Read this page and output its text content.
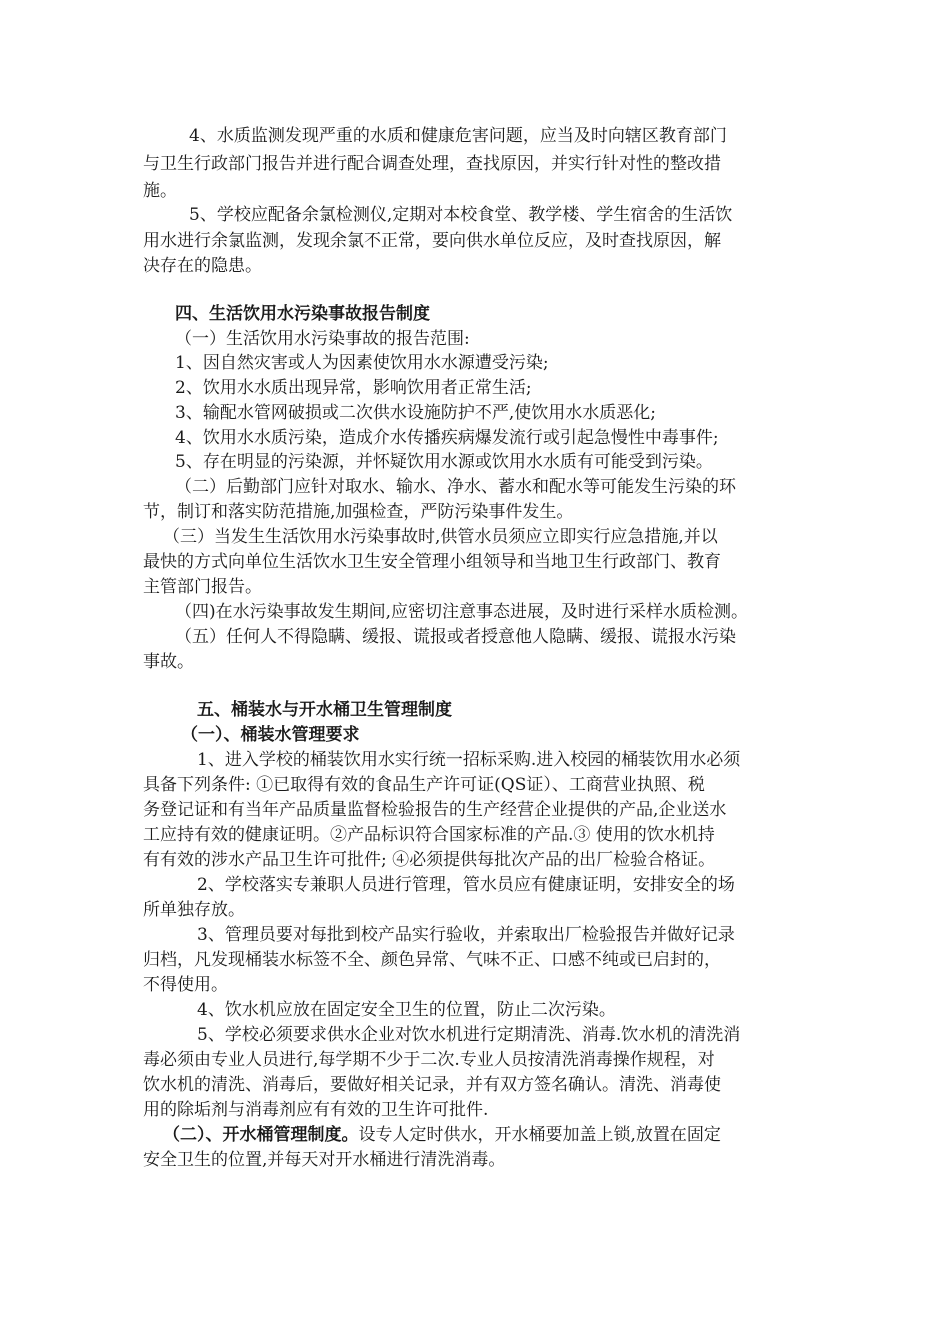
4、水质监测发现严重的水质和健康危害问题，应当及时向辖区教育部门
与卫生行政部门报告并进行配合调查处理，查找原因，并实行针对性的整改措
施。
5、学校应配备余氯检测仪,定期对本校食堂、教学楼、学生宿舍的生活饮
用水进行余氯监测，发现余氯不正常，要向供水单位反应，及时查找原因，解
决存在的隐患。
四、生活饮用水污染事故报告制度
（一）生活饮用水污染事故的报告范围:
1、因自然灾害或人为因素使饮用水水源遭受污染;
2、饮用水水质出现异常，影响饮用者正常生活;
3、输配水管网破损或二次供水设施防护不严,使饮用水水质恶化;
4、饮用水水质污染，造成介水传播疾病爆发流行或引起急慢性中毒事件;
5、存在明显的污染源，并怀疑饮用水源或饮用水水质有可能受到污染。
（二）后勤部门应针对取水、输水、净水、蓄水和配水等可能发生污染的环
节，制订和落实防范措施,加强检查，严防污染事件发生。
（三）当发生生活饮用水污染事故时,供管水员须应立即实行应急措施,并以
最快的方式向单位生活饮水卫生安全管理小组领导和当地卫生行政部门、教育
主管部门报告。
（四)在水污染事故发生期间,应密切注意事态进展，及时进行采样水质检测。
（五）任何人不得隐瞒、缓报、谎报或者授意他人隐瞒、缓报、谎报水污染
事故。
五、桶装水与开水桶卫生管理制度
（一）、桶装水管理要求
1、进入学校的桶装饮用水实行统一招标采购.进入校园的桶装饮用水必须
具备下列条件: ①已取得有效的食品生产许可证(QS证）、工商营业执照、税
务登记证和有当年产品质量监督检验报告的生产经营企业提供的产品,企业送水
工应持有效的健康证明。②产品标识符合国家标准的产品.③ 使用的饮水机持
有有效的涉水产品卫生许可批件; ④必须提供每批次产品的出厂检验合格证。
2、学校落实专兼职人员进行管理，管水员应有健康证明，安排安全的场
所单独存放。
3、管理员要对每批到校产品实行验收，并索取出厂检验报告并做好记录
归档，凡发现桶装水标签不全、颜色异常、气味不正、口感不纯或已启封的，
不得使用。
4、饮水机应放在固定安全卫生的位置，防止二次污染。
5、学校必须要求供水企业对饮水机进行定期清洗、消毒.饮水机的清洗消
毒必须由专业人员进行,每学期不少于二次.专业人员按清洗消毒操作规程，对
饮水机的清洗、消毒后，要做好相关记录，并有双方签名确认。清洗、消毒使
用的除垢剂与消毒剂应有有效的卫生许可批件.
（二）、开水桶管理制度。设专人定时供水，开水桶要加盖上锁,放置在固定
安全卫生的位置,并每天对开水桶进行清洗消毒。
